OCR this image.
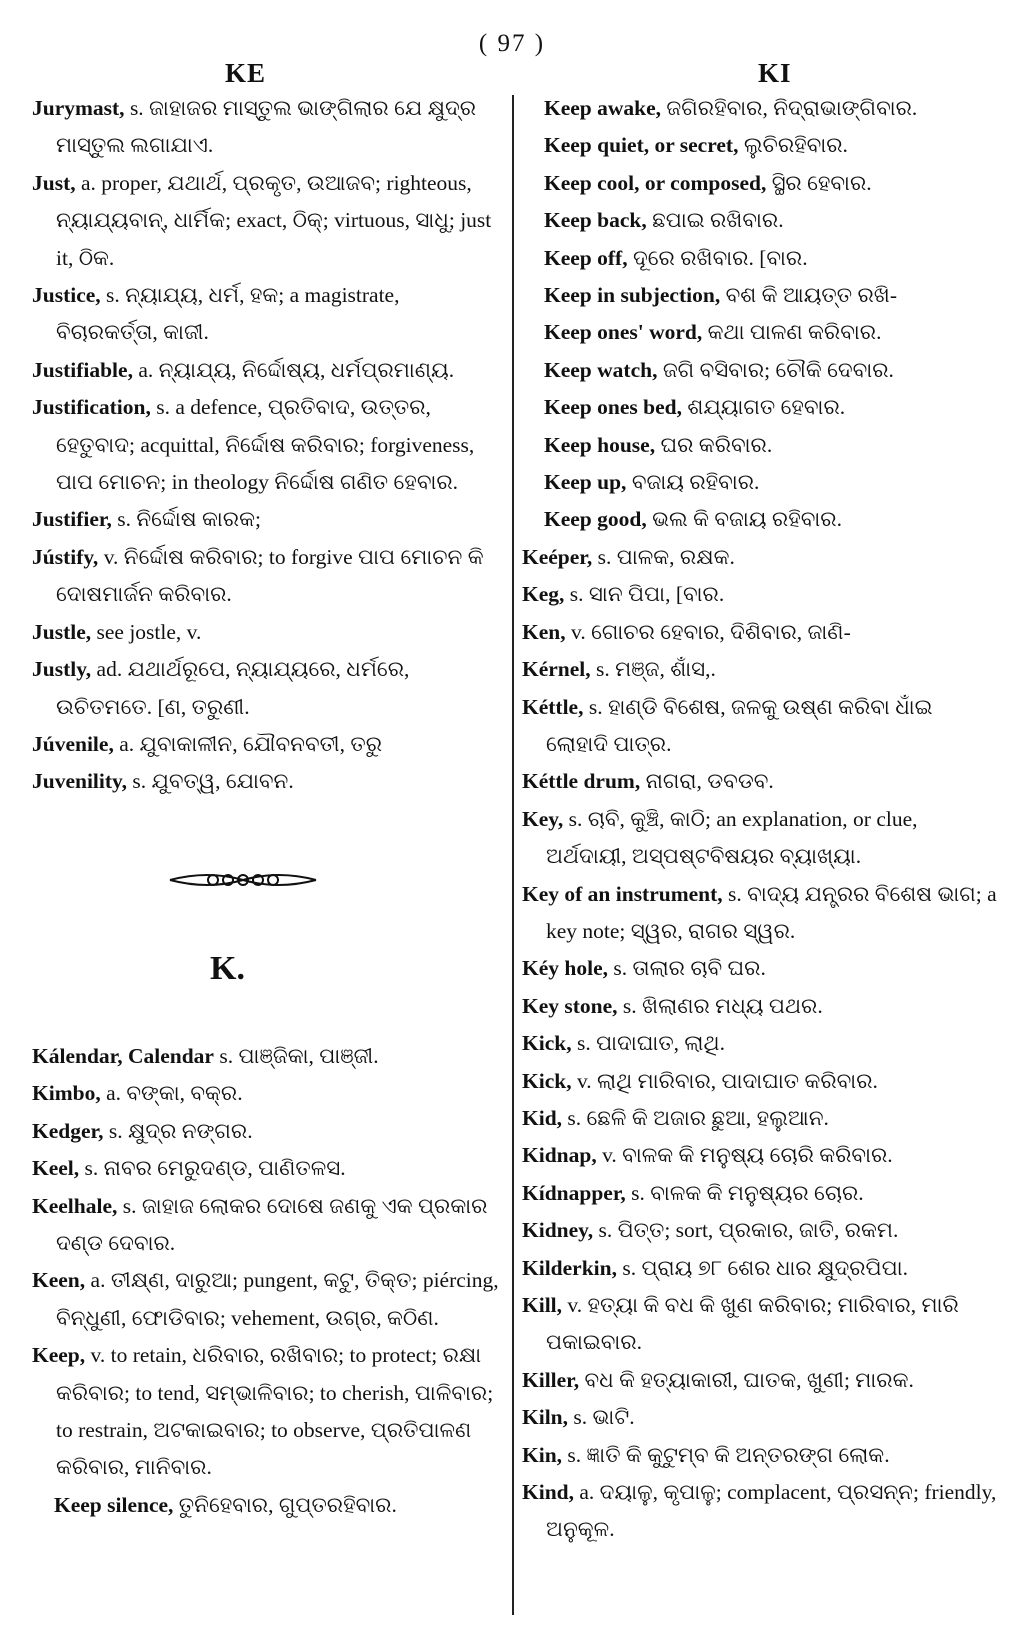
( 97 )
KE	KI
Jurymast, s. ଜାହାଜର ମାସ୍ତୁଲ ଭାଙ୍ଗିଲାର ଯେ କ୍ଷୁଦ୍ର ମାସ୍ତୁଲ ଲଗାଯାଏ.
Just, a. proper, ଯଥାର୍ଥ, ପ୍ରକୃତ, ଉଆଜବ; righteous, ନ୍ୟାଯ୍ୟବାନ୍, ଧାର୍ମିକ; exact, ଠିକ୍; virtuous, ସାଧୁ; just it, ଠିକ.
Justice, s. ନ୍ୟାଯ୍ୟ, ଧର୍ମ, ହକ; a magistrate, ବିଚାରକର୍ତ୍ତା, କାଜୀ.
Justifiable, a. ନ୍ୟାଯ୍ୟ, ନିର୍ଦ୍ଦୋଷ୍ୟ, ଧର୍ମପ୍ରମାଣ୍ୟ.
Justification, s. a defence, ପ୍ରତିବାଦ, ଉତ୍ତର, ହେତୁବାଦ; acquittal, ନିର୍ଦ୍ଦୋଷ କରିବାର; forgiveness, ପାପ ମୋଚନ; in theology ନିର୍ଦ୍ଦୋଷ ଗଣିତ ହେବାର.
Justifier, s. ନିର୍ଦ୍ଦୋଷ କାରକ;
Jústify, v. ନିର୍ଦ୍ଦୋଷ କରିବାର; to forgive ପାପ ମୋଚନ କି ଦୋଷମାର୍ଜନ କରିବାର.
Justle, see jostle, v.
Justly, ad. ଯଥାର୍ଥରୂପେ, ନ୍ୟାଯ୍ୟରେ, ଧର୍ମରେ, ଉଚିତମତେ. [ଣ, ତରୁଣୀ.
Júvenile, a. ଯୁବାକାଳୀନ, ଯୌବନବତୀ, ତରୁ
Juvenility, s. ଯୁବତ୍ୱ, ଯୋବନ.
K.
Kálendar, Calendar s. ପାଞ୍ଜିକା, ପାଞ୍ଜୀ.
Kimbo, a. ବଙ୍କା, ବକ୍ର.
Kedger, s. କ୍ଷୁଦ୍ର ନଙ୍ଗର.
Keel, s. ନାବର ମେରୁଦଣ୍ଡ, ପାଣିତଳସ.
Keelhale, s. ଜାହାଜ ଲୋକର ଦୋଷେ ଜଣକୁ ଏକ ପ୍ରକାର ଦଣ୍ଡ ଦେବାର.
Keen, a. ତୀକ୍ଷ୍ଣ, ଦାରୁଆ; pungent, କଟୁ, ତିକ୍ତ; piércing, ବିନ୍ଧୁଣୀ, ଫୋଡିବାର; vehement, ଉଗ୍ର, କଠିଣ.
Keep, v. to retain, ଧରିବାର, ରଖିବାର; to protect; ରକ୍ଷା କରିବାର; to tend, ସମ୍ଭାଳିବାର; to cherish, ପାଳିବାର; to restrain, ଅଟକାଇବାର; to observe, ପ୍ରତିପାଳଣ କରିବାର, ମାନିବାର.
Keep silence, ତୁନିହେବାର, ଗୁପ୍ତରହିବାର.
Keep awake, ଜଗିରହିବାର, ନିଦ୍ରାଭାଙ୍ଗିବାର.
Keep quiet, or secret, ଲୁଚିରହିବାର.
Keep cool, or composed, ସ୍ଥିର ହେବାର.
Keep back, ଛପାଇ ରଖିବାର.
Keep off, ଦୂରେ ରଖିବାର. [ବାର.
Keep in subjection, ବଶ କି ଆୟତ୍ତ ରଖି-
Keep ones' word, କଥା ପାଳଣ କରିବାର.
Keep watch, ଜଗି ବସିବାର; ଚୌକି ଦେବାର.
Keep ones bed, ଶଯ୍ୟାଗତ ହେବାର.
Keep house, ଘର କରିବାର.
Keep up, ବଜାୟ ରହିବାର.
Keep good, ଭଲ କି ବଜାୟ ରହିବାର.
Keéper, s. ପାଳକ, ରକ୍ଷକ.
Keg, s. ସାନ ପିପା, [ବାର.
Ken, v. ଗୋଚର ହେବାର, ଦିଶିବାର, ଜାଣି-
Kérnel, s. ମଞ୍ଜ, ଶାଁସ,.
Kéttle, s. ହାଣ୍ଡି ବିଶେଷ, ଜଳକୁ ଉଷ୍ଣ କରିବା ଧାଁଇ ଲୋହାଦି ପାତ୍ର.
Kéttle drum, ନାଗରା, ଡବଡବ.
Key, s. ଚାବି, କୁଞ୍ଚି, କାଠି; an explanation, or clue, ଅର୍ଥଦାୟୀ, ଅସ୍ପଷ୍ଟବିଷୟର ବ୍ୟାଖ୍ୟା.
Key of an instrument, s. ବାଦ୍ୟ ଯନ୍ତ୍ରର ବିଶେଷ ଭାଗ; a key note; ସ୍ୱର, ରାଗର ସ୍ୱର.
Kéy hole, s. ତାଲାର ଚାବି ଘର.
Key stone, s. ଖିଲାଣର ମଧ୍ୟ ପଥର.
Kick, s. ପାଦାଘାତ, ଲାଥି.
Kick, v. ଲାଥି ମାରିବାର, ପାଦାଘାତ କରିବାର.
Kid, s. ଛେଳି କି ଅଜାର ଛୁଆ, ହଲୁଆନ.
Kidnap, v. ବାଳକ କି ମନୁଷ୍ୟ ଚୋରି କରିବାର.
Kídnapper, s. ବାଳକ କି ମନୁଷ୍ୟର ଚୋର.
Kidney, s. ପିତ୍ତ; sort, ପ୍ରକାର, ଜାତି, ରକମ.
Kilderkin, s. ପ୍ରାୟ ୭୮ ଶେର ଧାର କ୍ଷୁଦ୍ରପିପା.
Kill, v. ହତ୍ୟା କି ବଧ କି ଖୁଣ କରିବାର; ମାରିବାର, ମାରି ପକାଇବାର.
Killer, ବଧ କି ହତ୍ୟାକାରୀ, ଘାତକ, ଖୁଣୀ; ମାରକ.
Kiln, s. ଭାଟି.
Kin, s. ଜ୍ଞାତି କି କୁଟୁମ୍ବ କି ଅନ୍ତରଙ୍ଗ ଲୋକ.
Kind, a. ଦୟାଳୁ, କୃପାଳୁ; complacent, ପ୍ରସନ୍ନ; friendly, ଅନୁକୂଳ.
